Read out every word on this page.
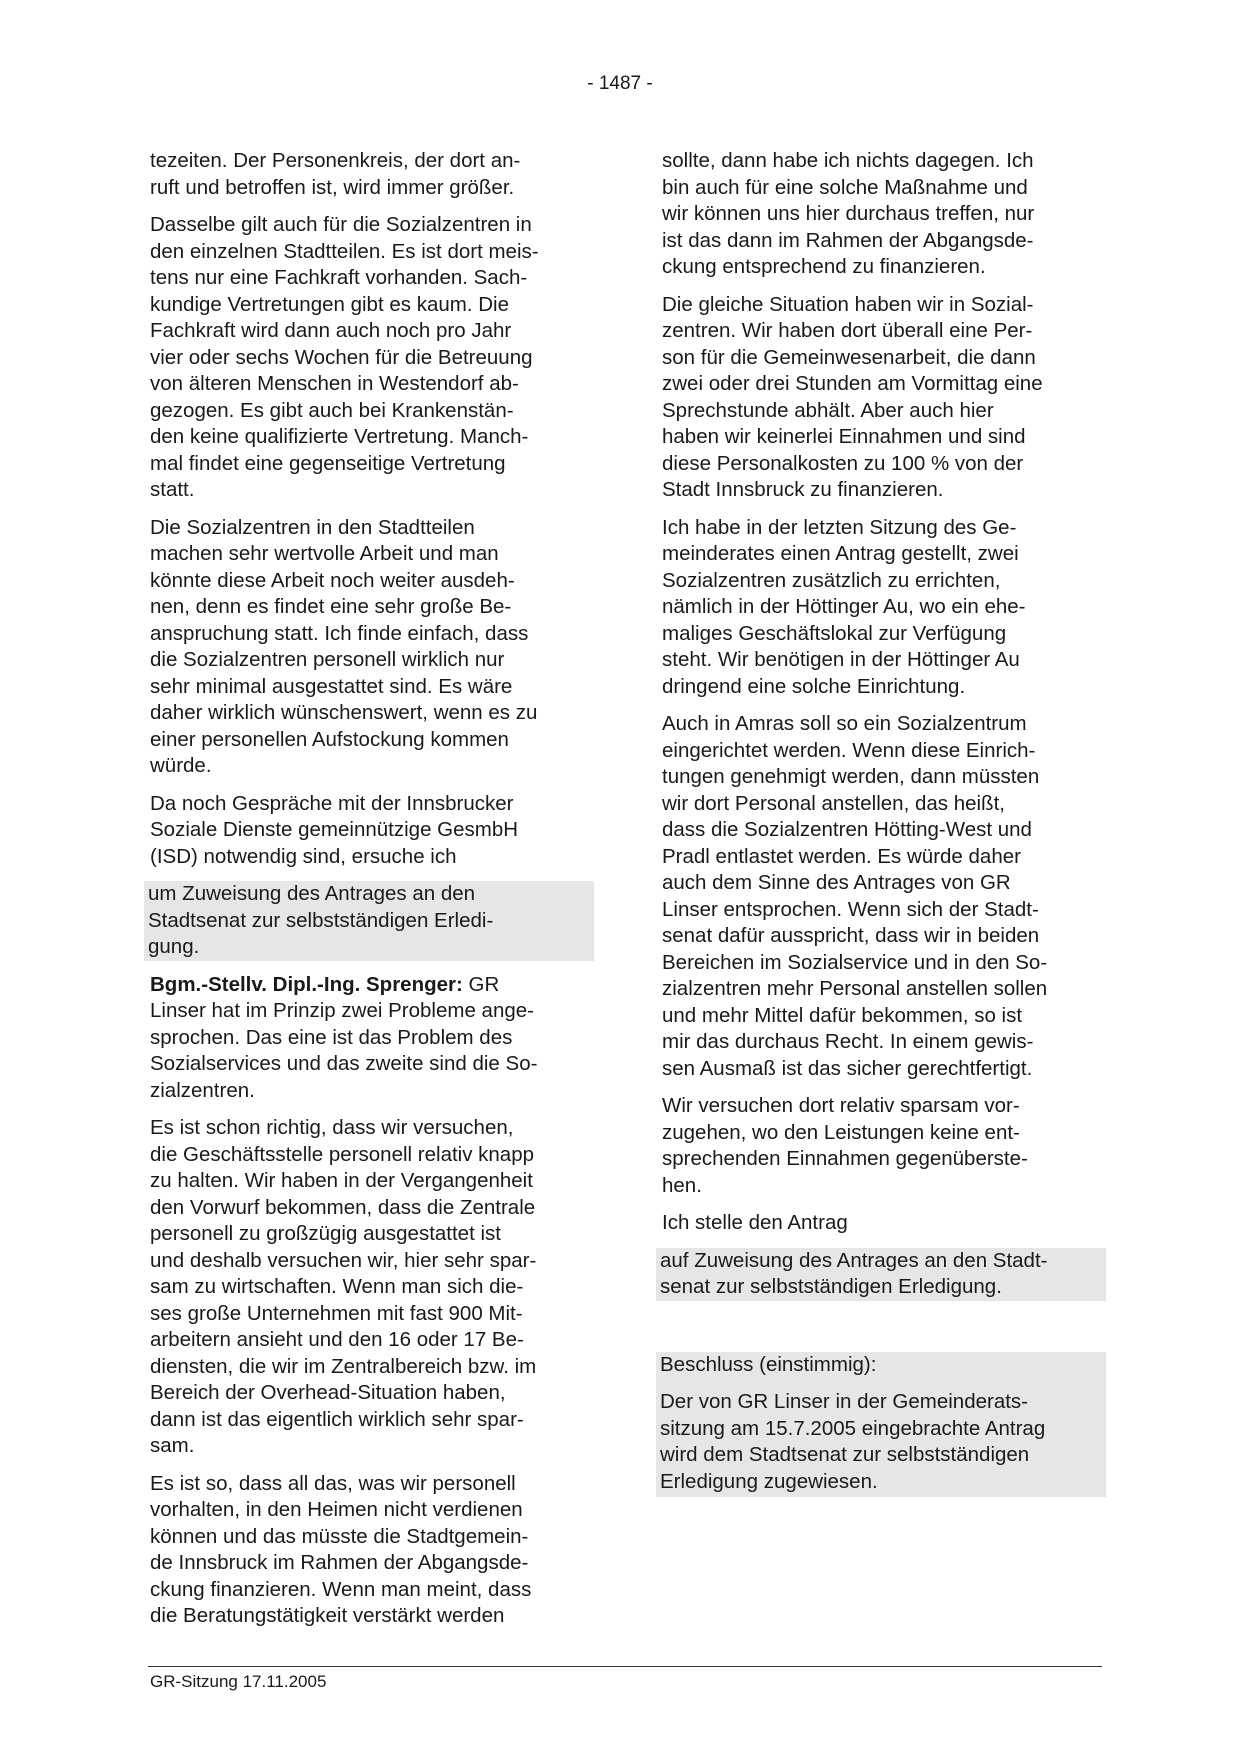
- 1487 -

tezeiten. Der Personenkreis, der dort an-
ruft und betroffen ist, wird immer größer.

Dasselbe gilt auch für die Sozialzentren in
den einzelnen Stadtteilen. Es ist dort meis-
tens nur eine Fachkraft vorhanden. Sach-
kundige Vertretungen gibt es kaum. Die
Fachkraft wird dann auch noch pro Jahr
vier oder sechs Wochen für die Betreuung
von älteren Menschen in Westendorf ab-
gezogen. Es gibt auch bei Krankenstän-
den keine qualifizierte Vertretung. Manch-
mal findet eine gegenseitige Vertretung
statt.

Die Sozialzentren in den Stadtteilen
machen sehr wertvolle Arbeit und man
könnte diese Arbeit noch weiter ausdeh-
nen, denn es findet eine sehr große Be-
anspruchung statt. Ich finde einfach, dass
die Sozialzentren personell wirklich nur
sehr minimal ausgestattet sind. Es wäre
daher wirklich wünschenswert, wenn es zu
einer personellen Aufstockung kommen
würde.

Da noch Gespräche mit der Innsbrucker
Soziale Dienste gemeinnützige GesmbH
(ISD) notwendig sind, ersuche ich

um Zuweisung des Antrages an den
Stadtsenat zur selbstständigen Erledi-
gung.

Bgm.-Stellv. Dipl.-Ing. Sprenger: GR
Linser hat im Prinzip zwei Probleme ange-
sprochen. Das eine ist das Problem des
Sozialservices und das zweite sind die So-
zialzentren.

Es ist schon richtig, dass wir versuchen,
die Geschäftsstelle personell relativ knapp
zu halten. Wir haben in der Vergangenheit
den Vorwurf bekommen, dass die Zentrale
personell zu großzügig ausgestattet ist
und deshalb versuchen wir, hier sehr spar-
sam zu wirtschaften. Wenn man sich die-
ses große Unternehmen mit fast 900 Mit-
arbeitern ansieht und den 16 oder 17 Be-
diensten, die wir im Zentralbereich bzw. im
Bereich der Overhead-Situation haben,
dann ist das eigentlich wirklich sehr spar-
sam.

Es ist so, dass all das, was wir personell
vorhalten, in den Heimen nicht verdienen
können und das müsste die Stadtgemein-
de Innsbruck im Rahmen der Abgangsde-
ckung finanzieren. Wenn man meint, dass
die Beratungstätigkeit verstärkt werden

sollte, dann habe ich nichts dagegen. Ich
bin auch für eine solche Maßnahme und
wir können uns hier durchaus treffen, nur
ist das dann im Rahmen der Abgangsde-
ckung entsprechend zu finanzieren.

Die gleiche Situation haben wir in Sozial-
zentren. Wir haben dort überall eine Per-
son für die Gemeinwesenarbeit, die dann
zwei oder drei Stunden am Vormittag eine
Sprechstunde abhält. Aber auch hier
haben wir keinerlei Einnahmen und sind
diese Personalkosten zu 100 % von der
Stadt Innsbruck zu finanzieren.

Ich habe in der letzten Sitzung des Ge-
meinderates einen Antrag gestellt, zwei
Sozialzentren zusätzlich zu errichten,
nämlich in der Höttinger Au, wo ein ehe-
maliges Geschäftslokal zur Verfügung
steht. Wir benötigen in der Höttinger Au
dringend eine solche Einrichtung.

Auch in Amras soll so ein Sozialzentrum
eingerichtet werden. Wenn diese Einrich-
tungen genehmigt werden, dann müssten
wir dort Personal anstellen, das heißt,
dass die Sozialzentren Hötting-West und
Pradl entlastet werden. Es würde daher
auch dem Sinne des Antrages von GR
Linser entsprochen. Wenn sich der Stadt-
senat dafür ausspricht, dass wir in beiden
Bereichen im Sozialservice und in den So-
zialzentren mehr Personal anstellen sollen
und mehr Mittel dafür bekommen, so ist
mir das durchaus Recht. In einem gewis-
sen Ausmaß ist das sicher gerechtfertigt.

Wir versuchen dort relativ sparsam vor-
zugehen, wo den Leistungen keine ent-
sprechenden Einnahmen gegenüberste-
hen.

Ich stelle den Antrag

auf Zuweisung des Antrages an den Stadt-
senat zur selbstständigen Erledigung.

Beschluss (einstimmig):

Der von GR Linser in der Gemeinderats-
sitzung am 15.7.2005 eingebrachte Antrag
wird dem Stadtsenat zur selbstständigen
Erledigung zugewiesen.

GR-Sitzung 17.11.2005
